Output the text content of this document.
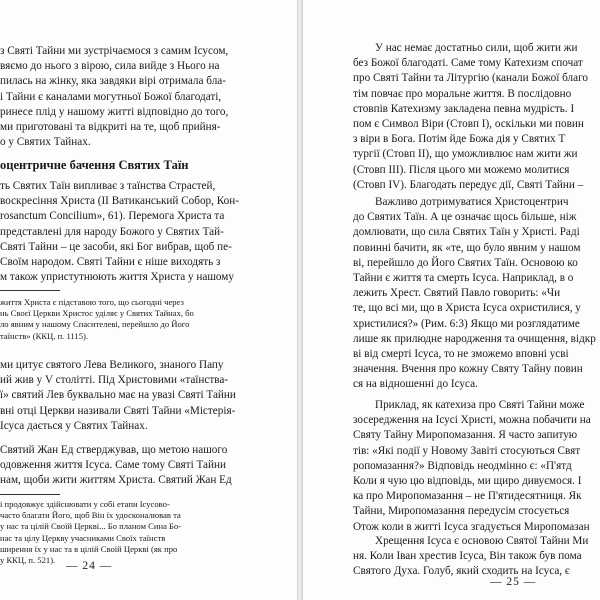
з Святі Тайни ми зустрічаємося з самим Ісусом,
вяємо до нього з вірою, сила вийде з Нього на
пилась на жінку, яка завдяки вірі отримала бла-
і Тайни є каналами могутньої Божої благодаті,
ринесе плід у нашому житті відповідно до того,
ми приготовані та відкриті на те, щоб прийня-
о у Святих Тайнах.
оцентричне бачення Святих Таїн
ть Святих Таїн випливає з таїнства Страстей,
воскресіння Христа (ІІ Ватиканський Собор, Кон-
rosanctum Concilium», 61). Перемога Христа та
представлені для народу Божого у Святих Тай-
Святі Тайни – це засоби, які Бог вибрав, щоб пе-
Своїм народом. Святі Тайни є ніше виходять з
м також упристутнюють життя Христа у нашому
життя Христа є підставою того, що сьогодні через
нь Своєї Церкви Христос уділяє у Святих Тайнах, бо
ло явним у нашому Спасителеві, перейшло до Його
таїнств» (ККЦ, п. 1115).
ми цитує святого Лева Великого, знаного Папу
ий жив у V столітті. Під Христовими «таїнства-
ї» святий Лев буквально має на увазі Святі Тайни
вні отці Церкви називали Святі Тайни «Містерія-
Ісуса дається у Святих Тайнах.
Святий Жан Ед стверджував, що метою нашого
одовження життя Ісуса. Саме тому Святі Тайни
нам, щоби жити життям Христа. Святий Жан Ед
і продовжує здійснювати у собі етапи Ісусово-
часто благати Його, щоб Він їх удосконалював та
у нас та цілій Своїй Церкві... Бо планом Сина Бо-
нас та цілу Церкву учасниками Своїх таїнств
ширення їх у нас та в цілій Своїй Церкві (як про
у ККЦ, п. 521). — 24 —
У нас немає достатньо сили, щоб жити жи
без Божої благодаті. Саме тому Катехизм спочат
про Святі Тайни та Літургію (канали Божої благо
тім повчає про моральне життя. В послідовно
стовпів Катехизму закладена певна мудрість. І
пом є Символ Віри (Стовп І), оскільки ми повин
з віри в Бога. Потім йде Божа дія у Святих Т
тургії (Стовп ІІ), що уможливлює нам жити жи
(Стовп ІІІ). Після цього ми можемо молитися
(Стовп IV). Благодать передує дії, Святі Тайни –
Важливо дотримуватися Христоцентрич
до Святих Таїн. А це означає щось більше, ніж
домлювати, що сила Святих Таїн у Христі. Раді
повинні бачити, як «те, що було явним у нашом
ві, перейшло до Його Святих Таїн. Основою ко
Тайни є життя та смерть Ісуса. Наприклад, в о
лежить Хрест. Святий Павло говорить: «Чи
те, що всі ми, що в Христа Ісуса охристилися, у
христилися?» (Рим. 6:3) Якщо ми розглядатиме
лише як прилюдне народження та очищення, відкр
ві від смерті Ісуса, то не зможемо вповні усві
значення. Вчення про кожну Святу Тайну повин
ся на відношенні до Ісуса.
Приклад, як катехиза про Святі Тайни може
зосередження на Ісусі Христі, можна побачити на
Святу Тайну Миропомазання. Я часто запитую
тів: «Які події у Новому Завіті стосуються Свят
ропомазання?» Відповідь неодмінно є: «П'ятд
Коли я чую цю відповідь, ми щиро дивуємося. І
ка про Миропомазання – не П'ятидесятниця. Як
Тайни, Миропомазання передусім стосується
Отож коли в житті Ісуса згадується Миропомазан
Хрещення Ісуса є основою Святої Тайни Ми
ня. Коли Іван хрестив Ісуса, Він також був пома
Святого Духа. Голуб, який сходить на Ісуса, є
— 25 —
